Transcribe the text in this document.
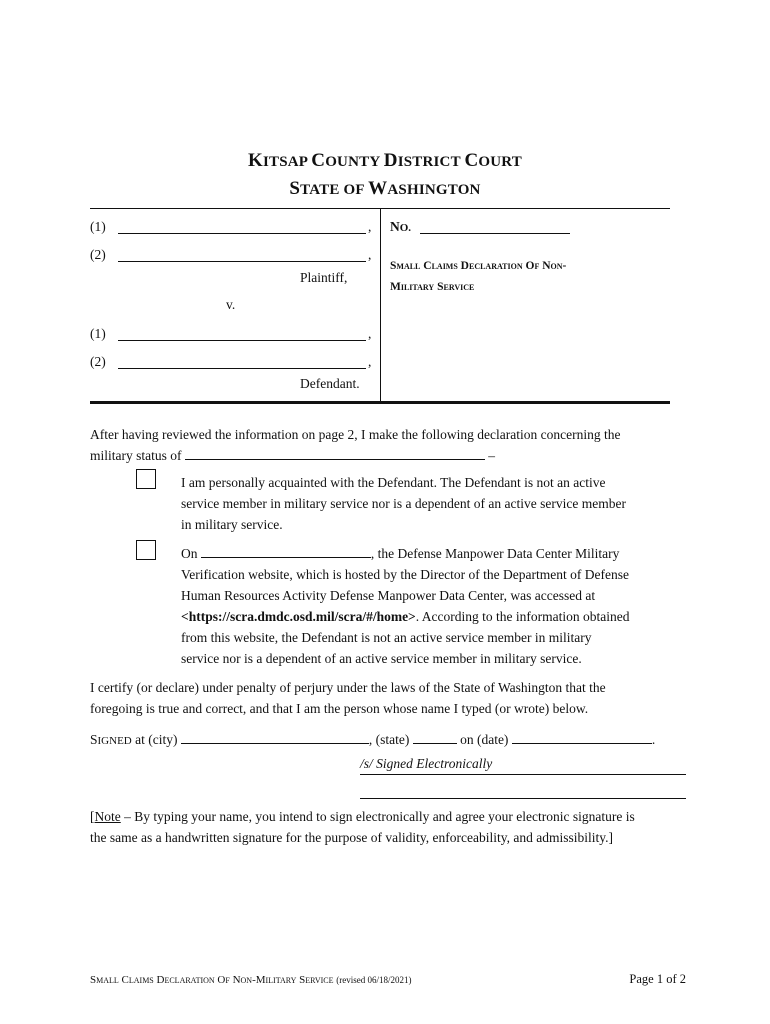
KITSAP COUNTY DISTRICT COURT
STATE OF WASHINGTON
(1)	,
(2)	,
Plaintiff,
v.
(1)	,
(2)	,
Defendant.
NO.
Small Claims Declaration Of Non-
Military Service
After having reviewed the information on page 2, I make the following declaration concerning the
military status of	–
I am personally acquainted with the Defendant. The Defendant is not an active
service member in military service nor is a dependent of an active service member
in military service.
On	, the Defense Manpower Data Center Military
Verification website, which is hosted by the Director of the Department of Defense
Human Resources Activity Defense Manpower Data Center, was accessed at
<https://scra.dmdc.osd.mil/scra/#/home>. According to the information obtained
from this website, the Defendant is not an active service member in military
service nor is a dependent of an active service member in military service.
I certify (or declare) under penalty of perjury under the laws of the State of Washington that the
foregoing is true and correct, and that I am the person whose name I typed (or wrote) below.
SIGNED at (city)	, (state)	on (date)	.
/s/ Signed Electronically
[Note – By typing your name, you intend to sign electronically and agree your electronic signature is
the same as a handwritten signature for the purpose of validity, enforceability, and admissibility.]
Small Claims Declaration Of Non-Military Service (revised 06/18/2021)	Page 1 of 2
